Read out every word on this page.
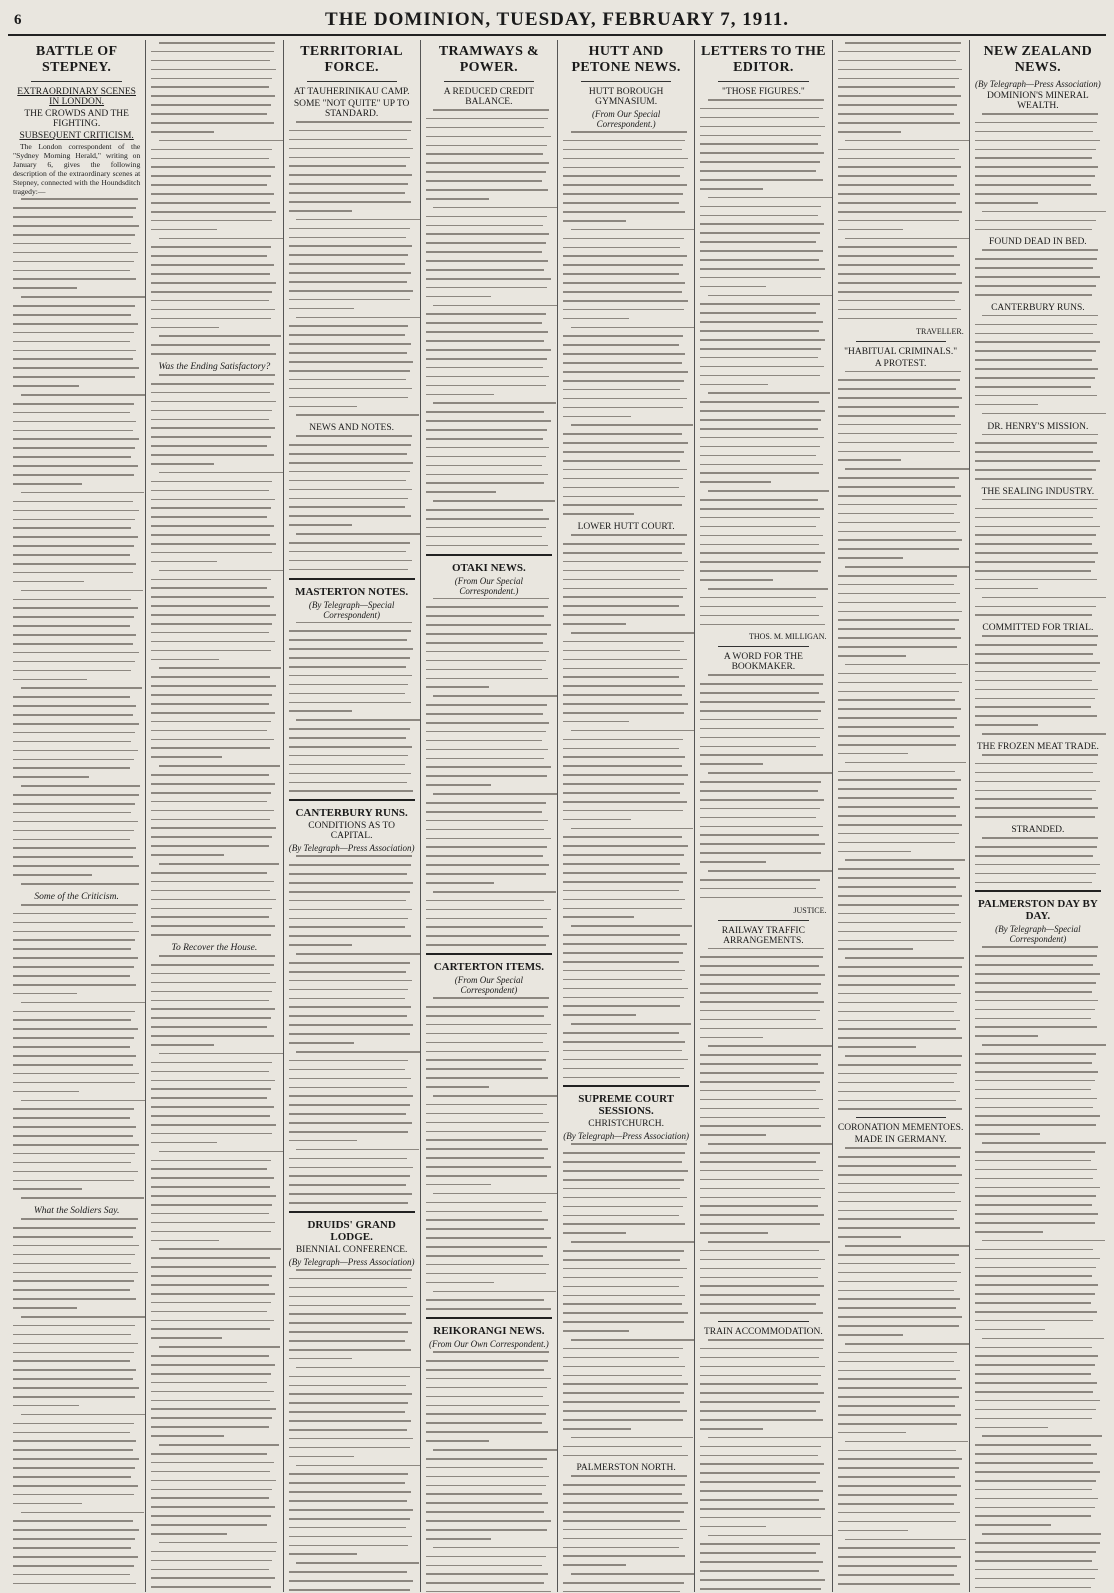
6	THE DOMINION, TUESDAY, FEBRUARY 7, 1911.
BATTLE OF STEPNEY.
EXTRAORDINARY SCENES IN LONDON.
THE CROWDS AND THE FIGHTING.
SUBSEQUENT CRITICISM.

The London correspondent of the "Sydney Morning Herald," writing on January 6, gives the following description of the extraordinary scenes at Stepney, connected with the Houndsditch tragedy:—

Some of the Criticism.
What the Soldiers Say.
Was the Ending Satisfactory?
To Recover the House.
TERRITORIAL FORCE.
AT TAUHERINIKAU CAMP.
SOME "NOT QUITE" UP TO STANDARD.
NEWS AND NOTES.
MASTERTON NOTES.
(By Telegraph—Special Correspondent)
CANTERBURY RUNS.
CONDITIONS AS TO CAPITAL.
(By Telegraph—Press Association)
DRUIDS' GRAND LODGE.
BIENNIAL CONFERENCE.
(By Telegraph—Press Association)
TRAMWAYS & POWER.
A REDUCED CREDIT BALANCE.
OTAKI NEWS.
(From Our Special Correspondent.)
CARTERTON ITEMS.
(From Our Special Correspondent)
REIKORANGI NEWS.
(From Our Own Correspondent.)
HUTT AND PETONE NEWS.
HUTT BOROUGH GYMNASIUM.
(From Our Special Correspondent.)
LOWER HUTT COURT.
SUPREME COURT SESSIONS.
CHRISTCHURCH.
(By Telegraph—Press Association)
PALMERSTON NORTH.
LETTERS TO THE EDITOR.
"THOSE FIGURES."
THOS. M. MILLIGAN.
A WORD FOR THE BOOKMAKER.
JUSTICE.
RAILWAY TRAFFIC ARRANGEMENTS.
TRAIN ACCOMMODATION.
TRAVELLER.
"HABITUAL CRIMINALS."
A PROTEST.
CORONATION MEMENTOES.
MADE IN GERMANY.
NEW ZEALAND NEWS.
(By Telegraph—Press Association)
DOMINION'S MINERAL WEALTH.
FOUND DEAD IN BED.
CANTERBURY RUNS.
DR. HENRY'S MISSION.
THE SEALING INDUSTRY.
COMMITTED FOR TRIAL.
THE FROZEN MEAT TRADE.
STRANDED.
PALMERSTON DAY BY DAY.
(By Telegraph—Special Correspondent)
